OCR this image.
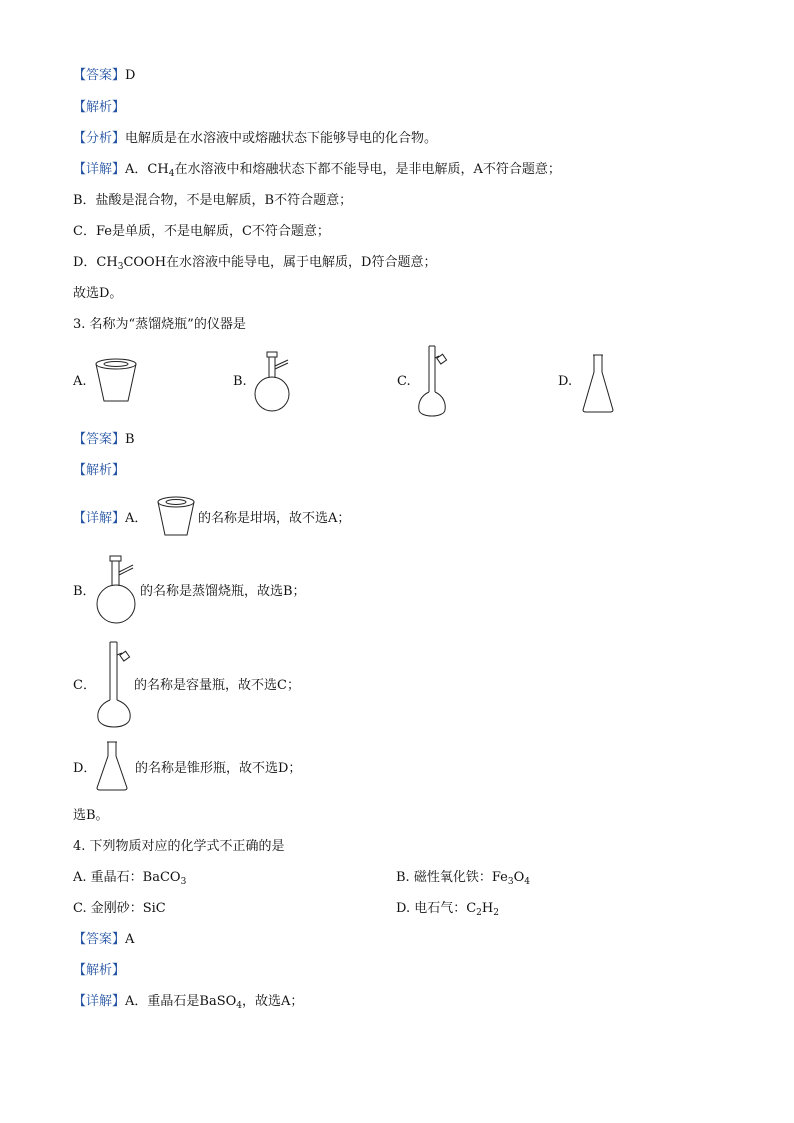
【答案】D
【解析】
【分析】电解质是在水溶液中或熔融状态下能够导电的化合物。
【详解】A．$CH_4$在水溶液中和熔融状态下都不能导电，是非电解质，A不符合题意；
B．盐酸是混合物，不是电解质，B不符合题意；
C．Fe是单质，不是电解质，C不符合题意；
D．$CH_3COOH$在水溶液中能导电，属于电解质，D符合题意；
故选D。
3. 名称为“蒸馏烧瓶”的仪器是
A.	B.	C.	D.
【答案】B
【解析】
【详解】A．	的名称是坩埚，故不选A；
B．	的名称是蒸馏烧瓶，故选B；
C．	的名称是容量瓶，故不选C；
D．	的名称是锥形瓶，故不选D；
选B。
4. 下列物质对应的化学式不正确的是
A. 重晶石：BaCO$_3$	B. 磁性氧化铁：$Fe_3O_4$
C. 金刚砂：SiC	D. 电石气：$C_2H_2$
【答案】A
【解析】
【详解】A．重晶石是BaSO$_4$，故选A；
